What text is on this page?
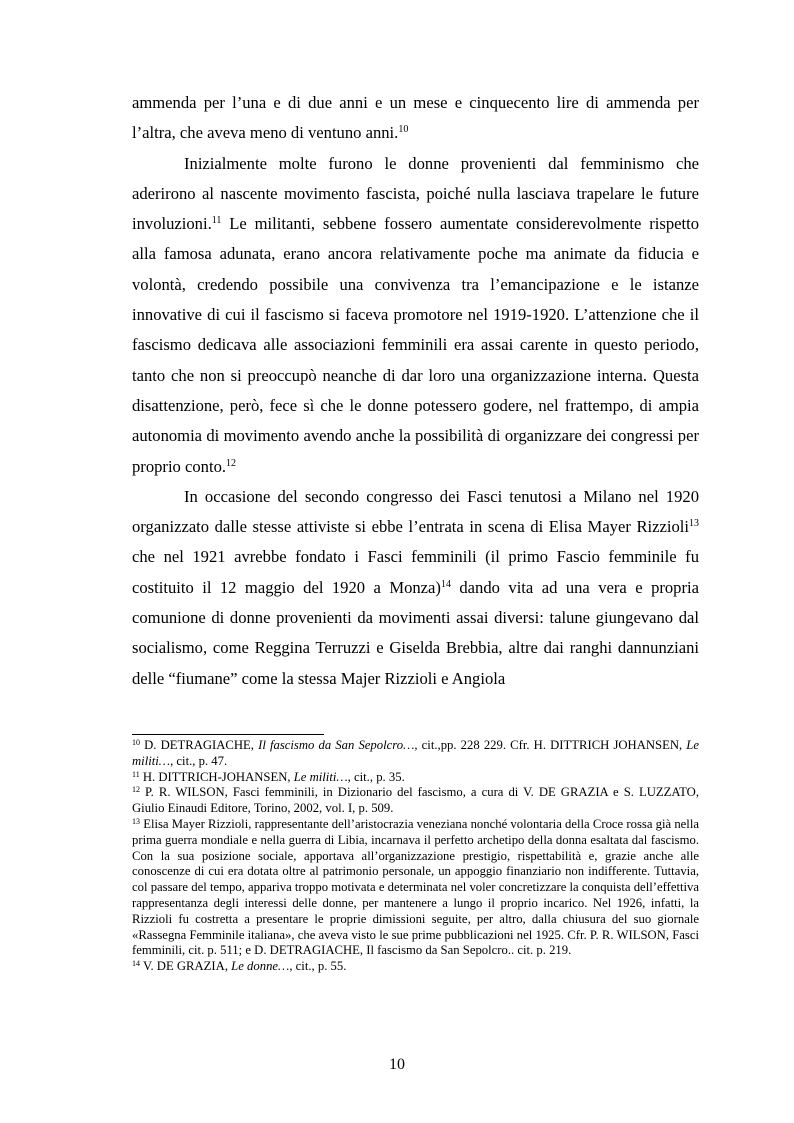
ammenda per l’una e di due anni e un mese e cinquecento lire di ammenda per l’altra, che aveva meno di ventuno anni.$^{10}$

Inizialmente molte furono le donne provenienti dal femminismo che aderirono al nascente movimento fascista, poiché nulla lasciava trapelare le future involuzioni.$^{11}$ Le militanti, sebbene fossero aumentate considerevolmente rispetto alla famosa adunata, erano ancora relativamente poche ma animate da fiducia e volontà, credendo possibile una convivenza tra l’emancipazione e le istanze innovative di cui il fascismo si faceva promotore nel 1919-1920. L’attenzione che il fascismo dedicava alle associazioni femminili era assai carente in questo periodo, tanto che non si preoccupò neanche di dar loro una organizzazione interna. Questa disattenzione, però, fece sì che le donne potessero godere, nel frattempo, di ampia autonomia di movimento avendo anche la possibilità di organizzare dei congressi per proprio conto.$^{12}$

In occasione del secondo congresso dei Fasci tenutosi a Milano nel 1920 organizzato dalle stesse attiviste si ebbe l’entrata in scena di Elisa Mayer Rizzioli$^{13}$ che nel 1921 avrebbe fondato i Fasci femminili (il primo Fascio femminile fu costituito il 12 maggio del 1920 a Monza)$^{14}$ dando vita ad una vera e propria comunione di donne provenienti da movimenti assai diversi: talune giungevano dal socialismo, come Reggina Terruzzi e Giselda Brebbia, altre dai ranghi dannunziani delle “fiumane” come la stessa Majer Rizzioli e Angiola

$^{10}$ D. DETRAGIACHE, Il fascismo da San Sepolcro…, cit.,pp. 228 229. Cfr. H. DITTRICH JOHANSEN, Le militi…, cit., p. 47.

$^{11}$ H. DITTRICH-JOHANSEN, Le militi…, cit., p. 35.

$^{12}$ P. R. WILSON, Fasci femminili, in Dizionario del fascismo, a cura di V. DE GRAZIA e S. LUZZATO, Giulio Einaudi Editore, Torino, 2002, vol. I, p. 509.

$^{13}$ Elisa Mayer Rizzioli, rappresentante dell’aristocrazia veneziana nonché volontaria della Croce rossa già nella prima guerra mondiale e nella guerra di Libia, incarnava il perfetto archetipo della donna esaltata dal fascismo. Con la sua posizione sociale, apportava all’organizzazione prestigio, rispettabilità e, grazie anche alle conoscenze di cui era dotata oltre al patrimonio personale, un appoggio finanziario non indifferente. Tuttavia, col passare del tempo, appariva troppo motivata e determinata nel voler concretizzare la conquista dell’effettiva rappresentanza degli interessi delle donne, per mantenere a lungo il proprio incarico. Nel 1926, infatti, la Rizzioli fu costretta a presentare le proprie dimissioni seguite, per altro, dalla chiusura del suo giornale «Rassegna Femminile italiana», che aveva visto le sue prime pubblicazioni nel 1925. Cfr. P. R. WILSON, Fasci femminili, cit. p. 511; e D. DETRAGIACHE, Il fascismo da San Sepolcro.. cit. p. 219.

$^{14}$ V. DE GRAZIA, Le donne…, cit., p. 55.

10
